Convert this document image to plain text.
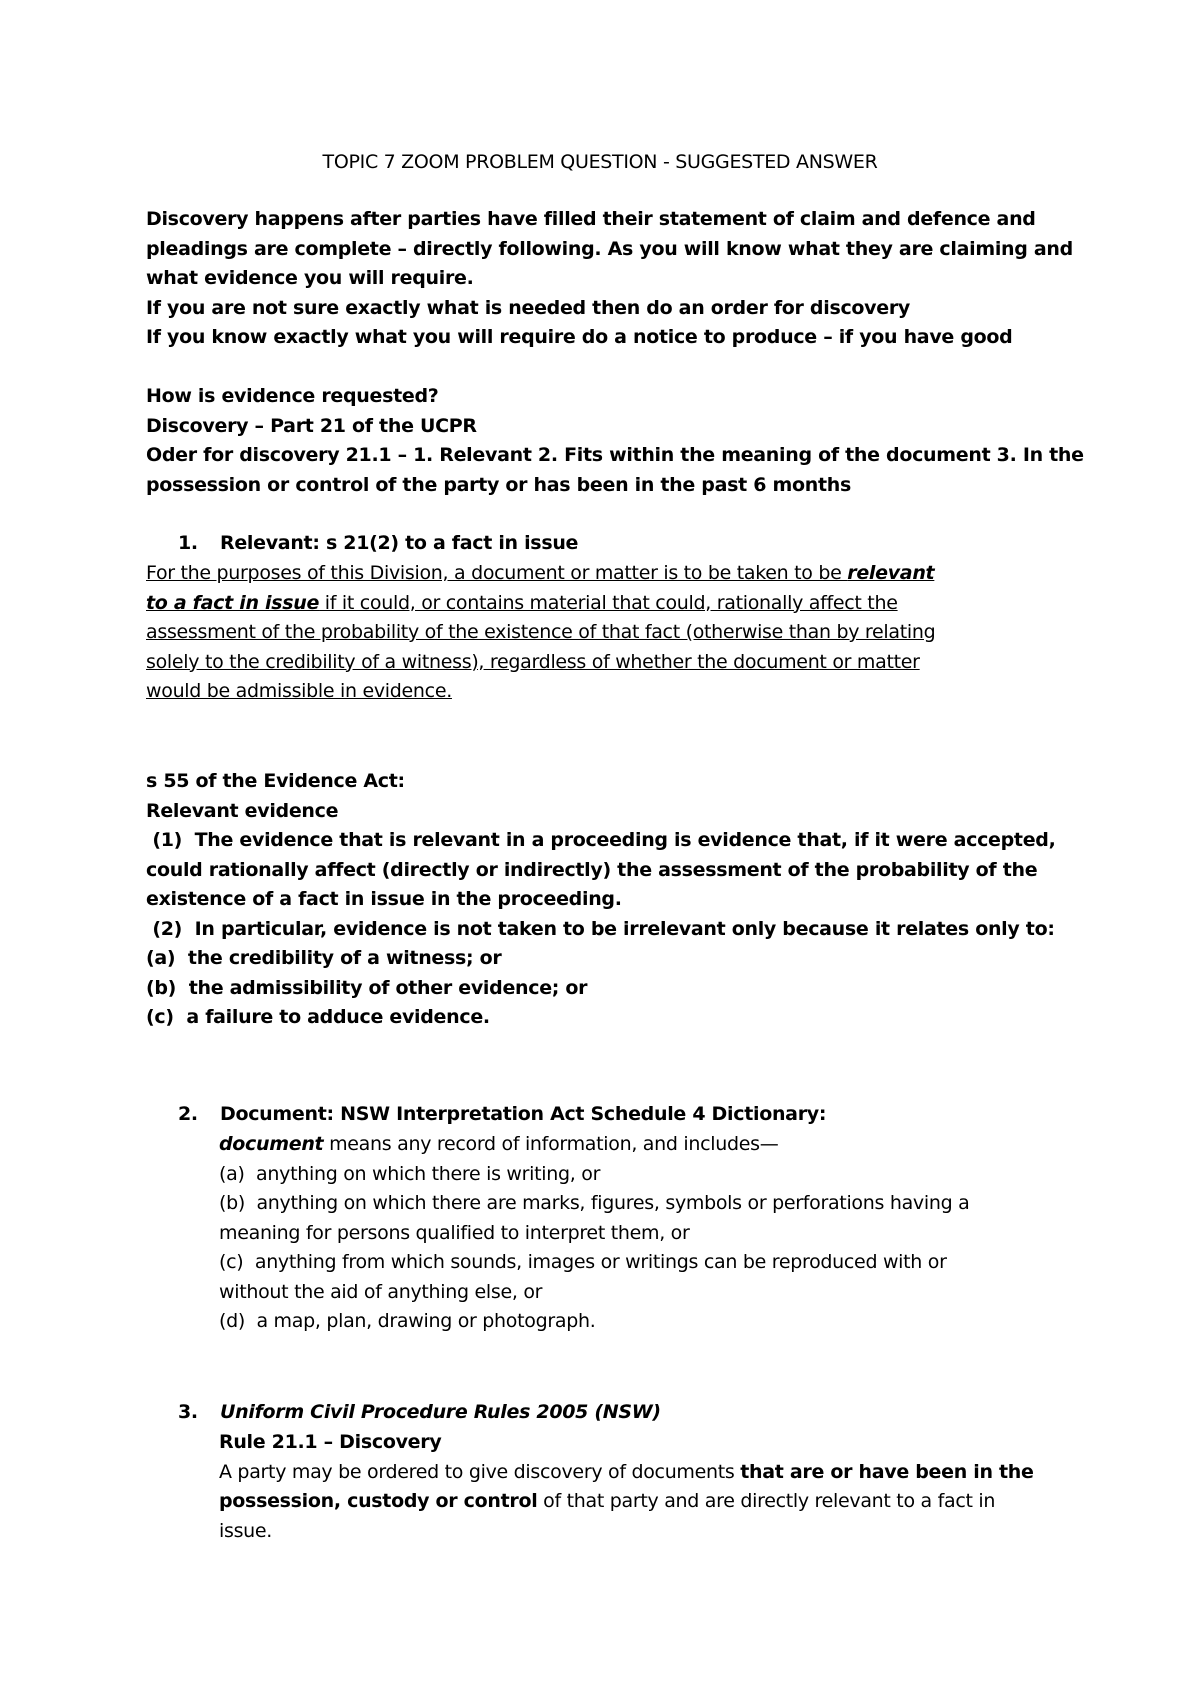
TOPIC 7 ZOOM PROBLEM QUESTION - SUGGESTED ANSWER
Discovery happens after parties have filled their statement of claim and defence and
pleadings are complete – directly following. As you will know what they are claiming and
what evidence you will require.
If you are not sure exactly what is needed then do an order for discovery
If you know exactly what you will require do a notice to produce – if you have good
How is evidence requested?
Discovery – Part 21 of the UCPR
Oder for discovery 21.1 – 1. Relevant 2. Fits within the meaning of the document 3. In the
possession or control of the party or has been in the past 6 months
1. Relevant: s 21(2) to a fact in issue
For the purposes of this Division, a document or matter is to be taken to be relevant
to a fact in issue if it could, or contains material that could, rationally affect the
assessment of the probability of the existence of that fact (otherwise than by relating
solely to the credibility of a witness), regardless of whether the document or matter
would be admissible in evidence.
s 55 of the Evidence Act:
Relevant evidence
(1)  The evidence that is relevant in a proceeding is evidence that, if it were accepted,
could rationally affect (directly or indirectly) the assessment of the probability of the
existence of a fact in issue in the proceeding.
(2)  In particular, evidence is not taken to be irrelevant only because it relates only to:
(a)  the credibility of a witness; or
(b)  the admissibility of other evidence; or
(c)  a failure to adduce evidence.
2. Document: NSW Interpretation Act Schedule 4 Dictionary:
document means any record of information, and includes—
(a)  anything on which there is writing, or
(b)  anything on which there are marks, figures, symbols or perforations having a
meaning for persons qualified to interpret them, or
(c)  anything from which sounds, images or writings can be reproduced with or
without the aid of anything else, or
(d)  a map, plan, drawing or photograph.
3. Uniform Civil Procedure Rules 2005 (NSW)
Rule 21.1 – Discovery
A party may be ordered to give discovery of documents that are or have been in the
possession, custody or control of that party and are directly relevant to a fact in
issue.
